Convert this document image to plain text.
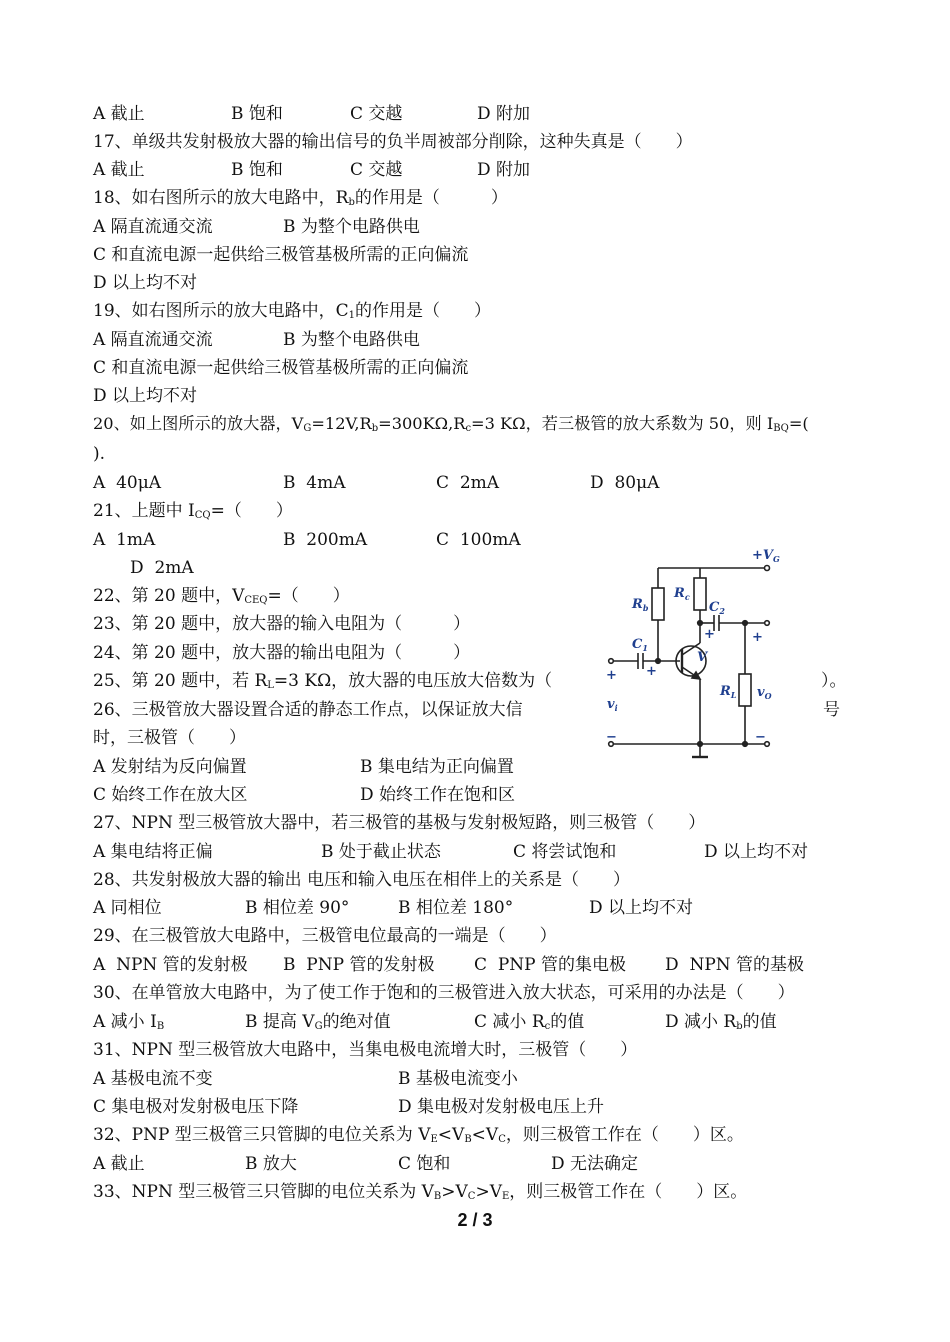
A 截止

	B 饱和

	C 交越

	D 附加

17、单级共发射极放大器的输出信号的负半周被部分削除，这种失真是（　　）

A 截止

	B 饱和

	C 交越

	D 附加

18、如右图所示的放大电路中，$R_b$的作用是（　　　）

A 隔直流通交流

	B 为整个电路供电

C 和直流电源一起供给三极管基极所需的正向偏流
D 以上均不对
19、如右图所示的放大电路中，$C_1$的作用是（　　）

A 隔直流通交流

	B 为整个电路供电

C 和直流电源一起供给三极管基极所需的正向偏流
D 以上均不对
20、如上图所示的放大器，$V_G=12V,R_b=300K\Omega,R_c=3$ KΩ，若三极管的放大系数为 50，则 $I_{BQ}=$(
).

A  40μA

	B  4mA

	C  2mA

	D  80μA

21、上题中 $I_{CQ}=$（　　）

A  1mA

	B  200mA

	C  100mA

D  2mA
22、第 20 题中，$V_{CEQ}=$（　　）
23、第 20 题中，放大器的输入电阻为（　　　）
24、第 20 题中，放大器的输出电阻为（　　　）
25、第 20 题中，若 $R_L=3$ KΩ，放大器的电压放大倍数为（	）。
26、三极管放大器设置合适的静态工作点，以保证放大信	号
时，三极管（　　）

A 发射结为反向偏置

	B 集电结为正向偏置

C 始终工作在放大区

	D 始终工作在饱和区

27、NPN 型三极管放大器中，若三极管的基极与发射极短路，则三极管（　　）

A 集电结将正偏

	B 处于截止状态

	C 将尝试饱和

	D 以上均不对

28、共发射极放大器的输出 电压和输入电压在相伴上的关系是（　　）

A 同相位

	B 相位差 90°

	B 相位差 180°

	D 以上均不对

29、在三极管放大电路中，三极管电位最高的一端是（　　）

A  NPN 管的发射极

B  PNP 管的发射极

C  PNP 管的集电极

D  NPN 管的基极

30、在单管放大电路中，为了使工作于饱和的三极管进入放大状态，可采用的办法是（　　）

A 减小 $I_B$

	B 提高 $V_G$的绝对值

	C 减小 $R_c$的值

	D 减小 $R_b$的值

31、NPN 型三极管放大电路中，当集电极电流增大时，三极管（　　）

A 基极电流不变

	B 基极电流变小

C 集电极对发射极电压下降

	D 集电极对发射极电压上升

32、PNP 型三极管三只管脚的电位关系为 $V_E<V_B<V_C$，则三极管工作在（　　）区。

A 截止

	B 放大

	C 饱和

	D 无法确定

33、NPN 型三极管三只管脚的电位关系为 $V_B>V_C>V_E$，则三极管工作在（　　）区。
2 / 3
$+V_G$
$R_b$
$R_c$
$C_2$
$C_1$
V
$R_L$ $v_O$
$v_i$
+ +
+	+
−	−
